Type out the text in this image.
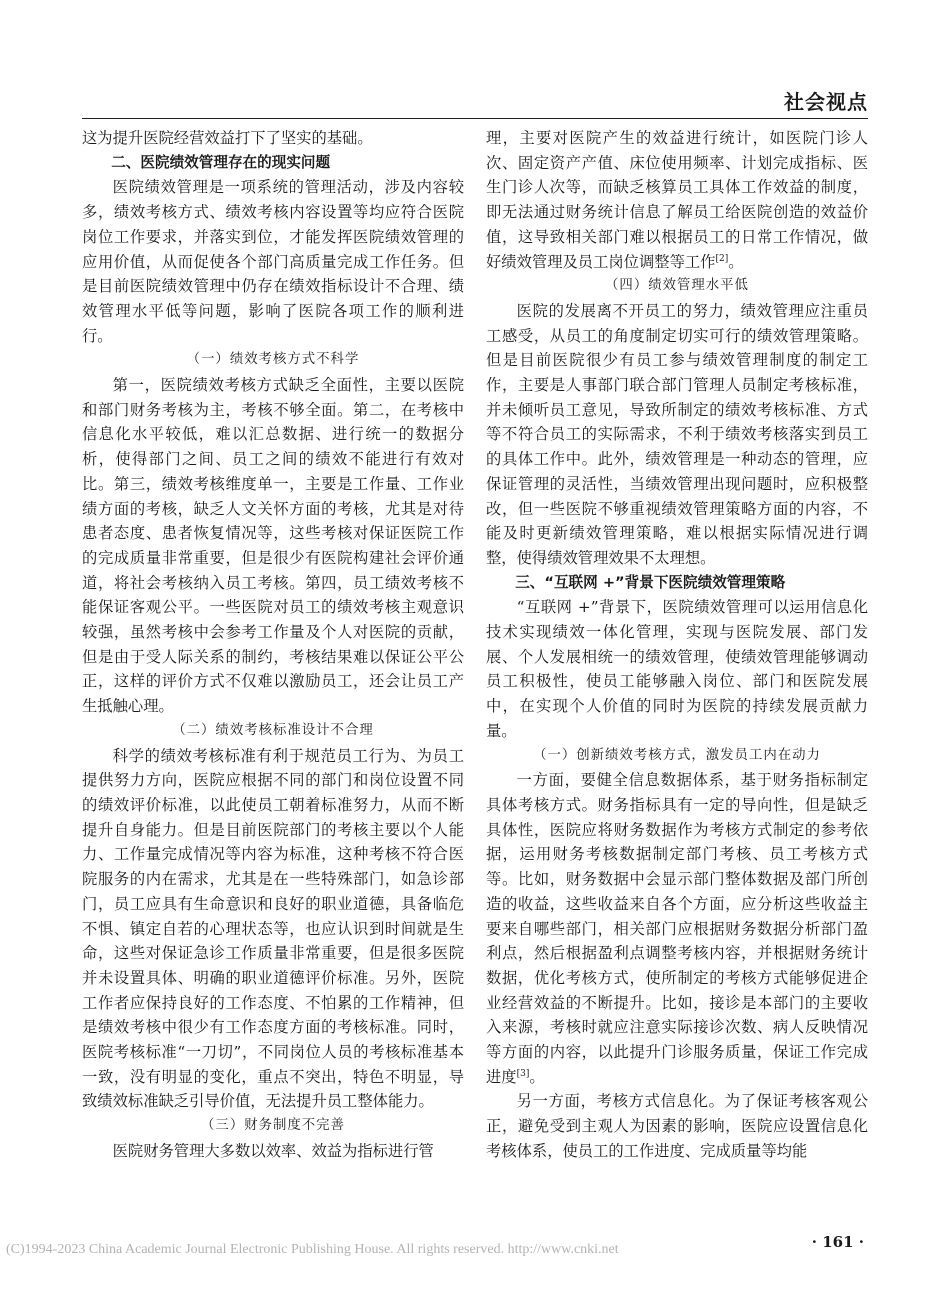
社会视点

这为提升医院经营效益打下了坚实的基础。

二、医院绩效管理存在的现实问题

医院绩效管理是一项系统的管理活动，涉及内容较多，绩效考核方式、绩效考核内容设置等均应符合医院岗位工作要求，并落实到位，才能发挥医院绩效管理的应用价值，从而促使各个部门高质量完成工作任务。但是目前医院绩效管理中仍存在绩效指标设计不合理、绩效管理水平低等问题，影响了医院各项工作的顺利进行。

（一）绩效考核方式不科学

第一，医院绩效考核方式缺乏全面性，主要以医院和部门财务考核为主，考核不够全面。第二，在考核中信息化水平较低，难以汇总数据、进行统一的数据分析，使得部门之间、员工之间的绩效不能进行有效对比。第三，绩效考核维度单一，主要是工作量、工作业绩方面的考核，缺乏人文关怀方面的考核，尤其是对待患者态度、患者恢复情况等，这些考核对保证医院工作的完成质量非常重要，但是很少有医院构建社会评价通道，将社会考核纳入员工考核。第四，员工绩效考核不能保证客观公平。一些医院对员工的绩效考核主观意识较强，虽然考核中会参考工作量及个人对医院的贡献，但是由于受人际关系的制约，考核结果难以保证公平公正，这样的评价方式不仅难以激励员工，还会让员工产生抵触心理。

（二）绩效考核标准设计不合理

科学的绩效考核标准有利于规范员工行为、为员工提供努力方向，医院应根据不同的部门和岗位设置不同的绩效评价标准，以此使员工朝着标准努力，从而不断提升自身能力。但是目前医院部门的考核主要以个人能力、工作量完成情况等内容为标准，这种考核不符合医院服务的内在需求，尤其是在一些特殊部门，如急诊部门，员工应具有生命意识和良好的职业道德，具备临危不惧、镇定自若的心理状态等，也应认识到时间就是生命，这些对保证急诊工作质量非常重要，但是很多医院并未设置具体、明确的职业道德评价标准。另外，医院工作者应保持良好的工作态度、不怕累的工作精神，但是绩效考核中很少有工作态度方面的考核标准。同时，医院考核标准“一刀切”，不同岗位人员的考核标准基本一致，没有明显的变化，重点不突出，特色不明显，导致绩效标准缺乏引导价值，无法提升员工整体能力。

（三）财务制度不完善

医院财务管理大多数以效率、效益为指标进行管

理，主要对医院产生的效益进行统计，如医院门诊人次、固定资产产值、床位使用频率、计划完成指标、医生门诊人次等，而缺乏核算员工具体工作效益的制度，即无法通过财务统计信息了解员工给医院创造的效益价值，这导致相关部门难以根据员工的日常工作情况，做好绩效管理及员工岗位调整等工作[2]。

（四）绩效管理水平低

医院的发展离不开员工的努力，绩效管理应注重员工感受，从员工的角度制定切实可行的绩效管理策略。但是目前医院很少有员工参与绩效管理制度的制定工作，主要是人事部门联合部门管理人员制定考核标准，并未倾听员工意见，导致所制定的绩效考核标准、方式等不符合员工的实际需求，不利于绩效考核落实到员工的具体工作中。此外，绩效管理是一种动态的管理，应保证管理的灵活性，当绩效管理出现问题时，应积极整改，但一些医院不够重视绩效管理策略方面的内容，不能及时更新绩效管理策略，难以根据实际情况进行调整，使得绩效管理效果不太理想。

三、“互联网 +”背景下医院绩效管理策略

“互联网 +”背景下，医院绩效管理可以运用信息化技术实现绩效一体化管理，实现与医院发展、部门发展、个人发展相统一的绩效管理，使绩效管理能够调动员工积极性，使员工能够融入岗位、部门和医院发展中，在实现个人价值的同时为医院的持续发展贡献力量。

（一）创新绩效考核方式，激发员工内在动力

一方面，要健全信息数据体系，基于财务指标制定具体考核方式。财务指标具有一定的导向性，但是缺乏具体性，医院应将财务数据作为考核方式制定的参考依据，运用财务考核数据制定部门考核、员工考核方式等。比如，财务数据中会显示部门整体数据及部门所创造的收益，这些收益来自各个方面，应分析这些收益主要来自哪些部门，相关部门应根据财务数据分析部门盈利点，然后根据盈利点调整考核内容，并根据财务统计数据，优化考核方式，使所制定的考核方式能够促进企业经营效益的不断提升。比如，接诊是本部门的主要收入来源，考核时就应注意实际接诊次数、病人反映情况等方面的内容，以此提升门诊服务质量，保证工作完成进度[3]。

另一方面，考核方式信息化。为了保证考核客观公正，避免受到主观人为因素的影响，医院应设置信息化考核体系，使员工的工作进度、完成质量等均能

· 161 ·
(C)1994-2023 China Academic Journal Electronic Publishing House. All rights reserved. http://www.cnki.net
